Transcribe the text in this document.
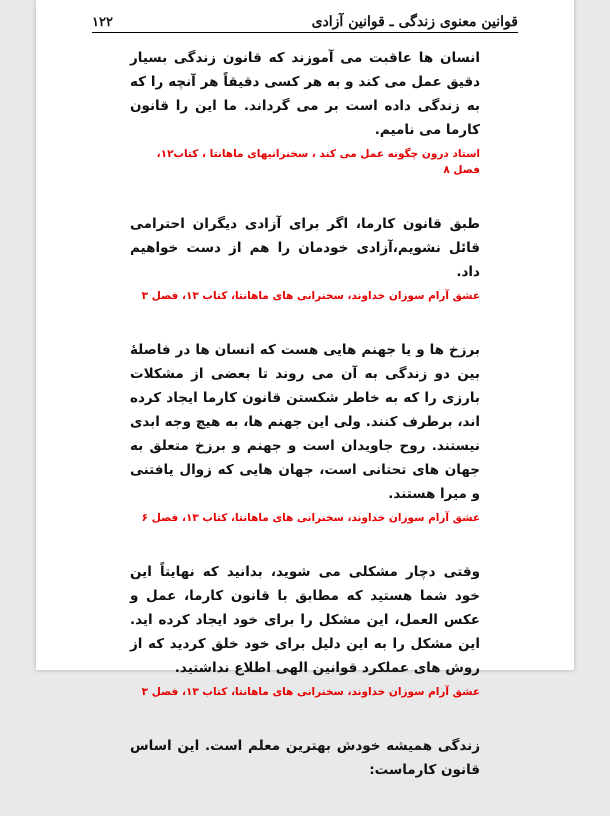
قوانین معنوی زندگی ـ قوانین آزادی
۱۲۲

انسان ها عاقبت می آموزند که قانون زندگی بسیار دقیق عمل می کند و به هر کسی دقیقاً هر آنچه را که به زندگی داده است بر می گرداند. ما این را قانون کارما می نامیم.

استاد درون چگونه عمل می کند ، سخنرانیهای ماهانتا ، کتاب۱۲، فصل ۸

طبق قانون کارما، اگر برای آزادی دیگران احترامی قائل نشویم،آزادی خودمان را هم از دست خواهیم داد.

عشق آرام سوزان خداوند، سخنرانی های ماهانتا، کتاب ۱۳، فصل ۳

برزخ ها و یا جهنم هایی هست که انسان ها در فاصلۀ بین دو زندگی به آن می روند تا بعضی از مشکلات بارزی را که به خاطر شکستن قانون کارما ایجاد کرده اند، برطرف کنند. ولی این جهنم ها، به هیچ وجه ابدی نیستند. روح جاویدان است و جهنم و برزخ متعلق به جهان های تحتانی است، جهان هایی که زوال یافتنی و میرا هستند.

عشق آرام سوزان خداوند، سخنرانی های ماهانتا، کتاب ۱۳، فصل ۶

وقتی دچار مشکلی می شوید، بدانید که نهایتاً این خود شما هستید که مطابق با قانون کارما، عمل و عکس العمل، این مشکل را برای خود ایجاد کرده اید. این مشکل را به این دلیل برای خود خلق کردید که از روش های عملکرد قوانین الهی اطلاع نداشتید.

عشق آرام سوزان خداوند، سخنرانی های ماهانتا، کتاب ۱۳، فصل ۳

زندگی همیشه خودش بهترین معلم است. این اساس قانون کارماست:
